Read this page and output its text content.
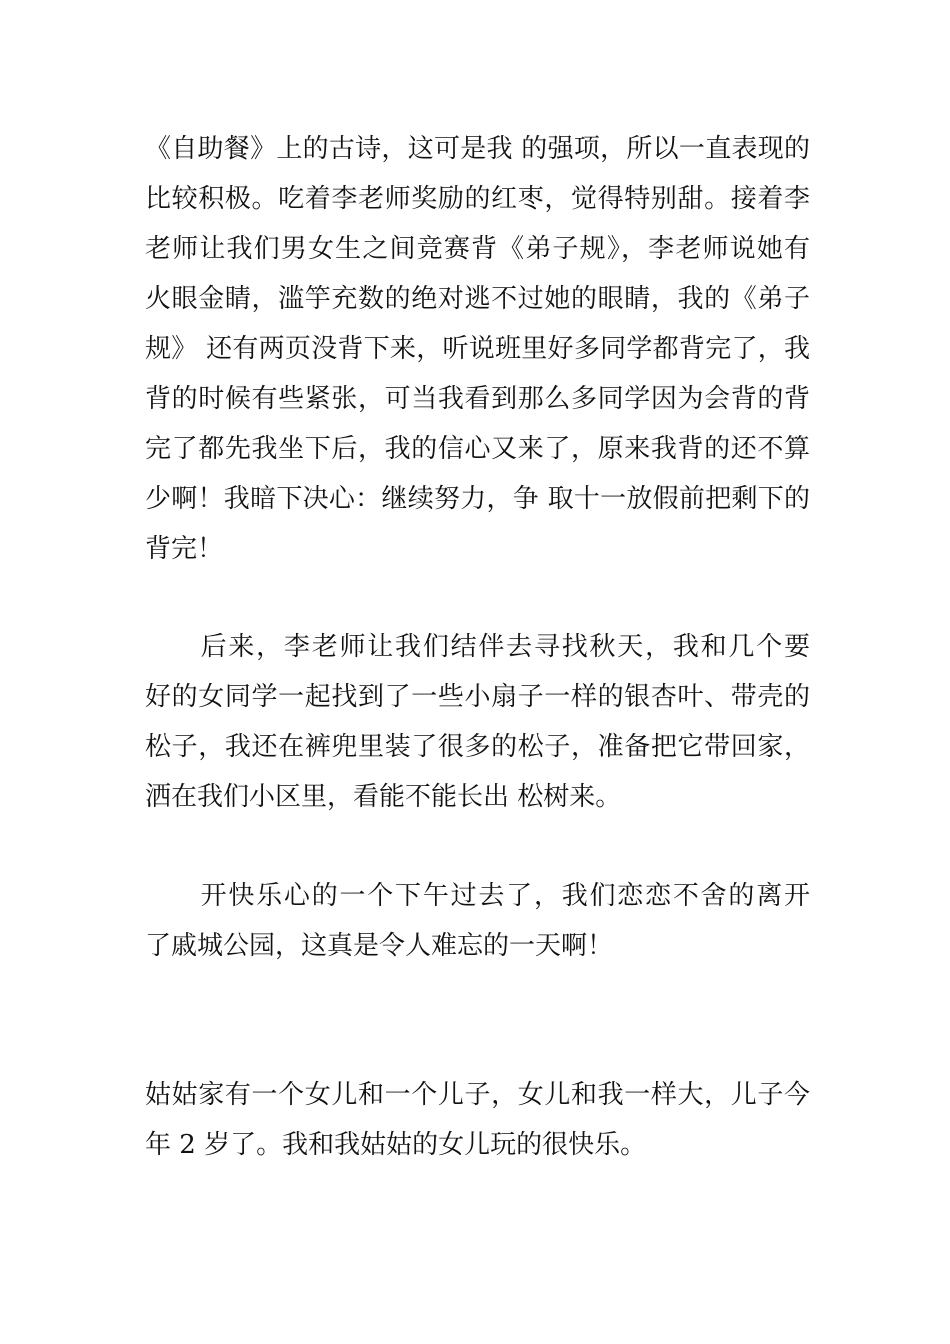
《自助餐》上的古诗，这可是我 的强项，所以一直表现的
比较积极。吃着李老师奖励的红枣，觉得特别甜。接着李
老师让我们男女生之间竞赛背《弟子规》，李老师说她有
火眼金睛，滥竽充数的绝对逃不过她的眼睛，我的《弟子
规》 还有两页没背下来，听说班里好多同学都背完了，我
背的时候有些紧张，可当我看到那么多同学因为会背的背
完了都先我坐下后，我的信心又来了，原来我背的还不算
少啊！我暗下决心：继续努力，争 取十一放假前把剩下的
背完！
　　后来，李老师让我们结伴去寻找秋天，我和几个要
好的女同学一起找到了一些小扇子一样的银杏叶、带壳的
松子，我还在裤兜里装了很多的松子，准备把它带回家，
洒在我们小区里，看能不能长出 松树来。
　　开快乐心的一个下午过去了，我们恋恋不舍的离开
了戚城公园，这真是令人难忘的一天啊！
姑姑家有一个女儿和一个儿子，女儿和我一样大，儿子今
年 2 岁了。我和我姑姑的女儿玩的很快乐。
